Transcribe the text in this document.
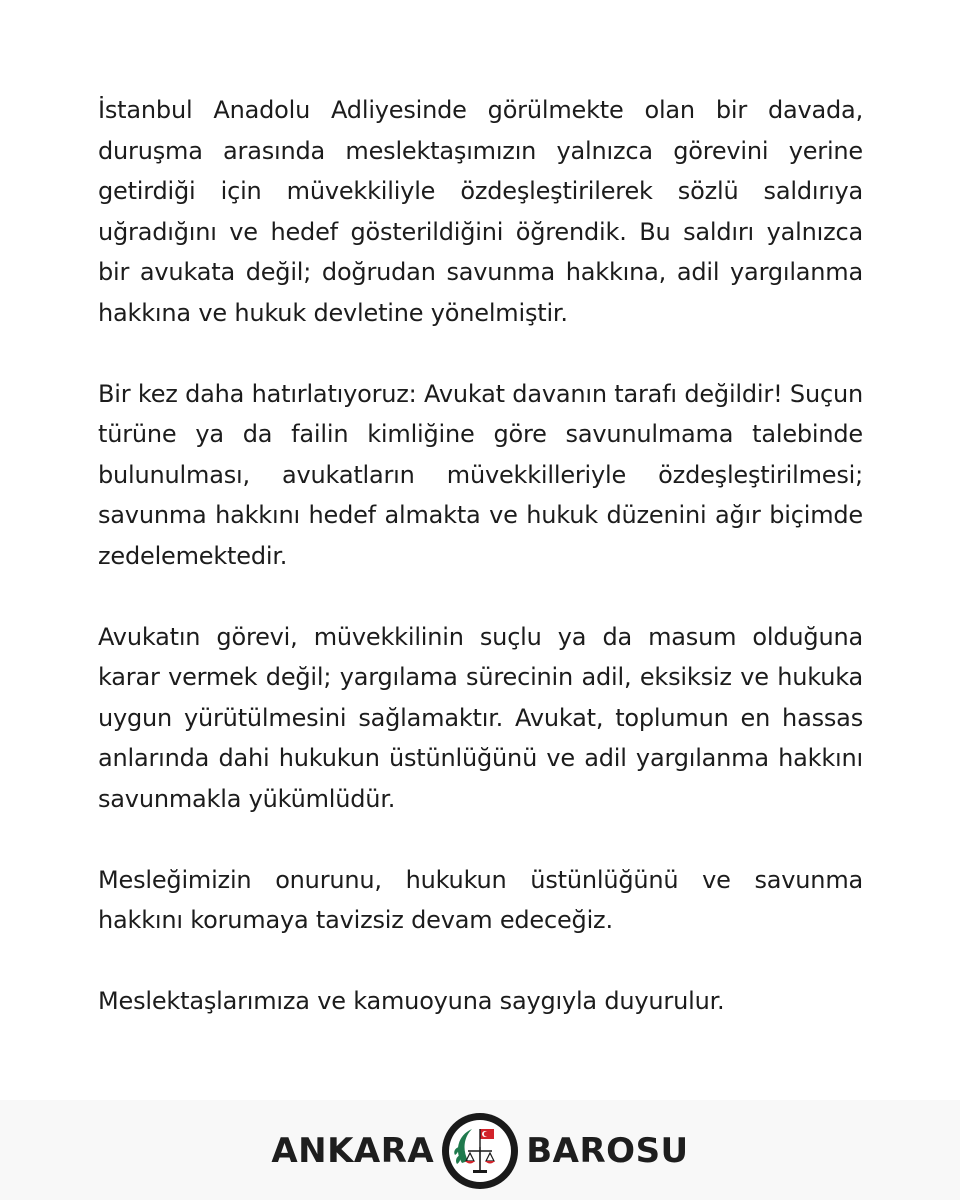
İstanbul Anadolu Adliyesinde görülmekte olan bir davada, duruşma arasında meslektaşımızın yalnızca görevini yerine getirdiği için müvekkiliyle özdeşleştirilerek sözlü saldırıya uğradığını ve hedef gösterildiğini öğrendik. Bu saldırı yalnızca bir avukata değil; doğrudan savunma hakkına, adil yargılanma hakkına ve hukuk devletine yönelmiştir.

Bir kez daha hatırlatıyoruz: Avukat davanın tarafı değildir! Suçun türüne ya da failin kimliğine göre savunulmama talebinde bulunulması, avukatların müvekkilleriyle özdeşleştirilmesi; savunma hakkını hedef almakta ve hukuk düzenini ağır biçimde zedelemektedir.

Avukatın görevi, müvekkilinin suçlu ya da masum olduğuna karar vermek değil; yargılama sürecinin adil, eksiksiz ve hukuka uygun yürütülmesini sağlamaktır. Avukat, toplumun en hassas anlarında dahi hukukun üstünlüğünü ve adil yargılanma hakkını savunmakla yükümlüdür.

Mesleğimizin onurunu, hukukun üstünlüğünü ve savunma hakkını korumaya tavizsiz devam edeceğiz.

Meslektaşlarımıza ve kamuoyuna saygıyla duyurulur.

ANKARA	BAROSU
